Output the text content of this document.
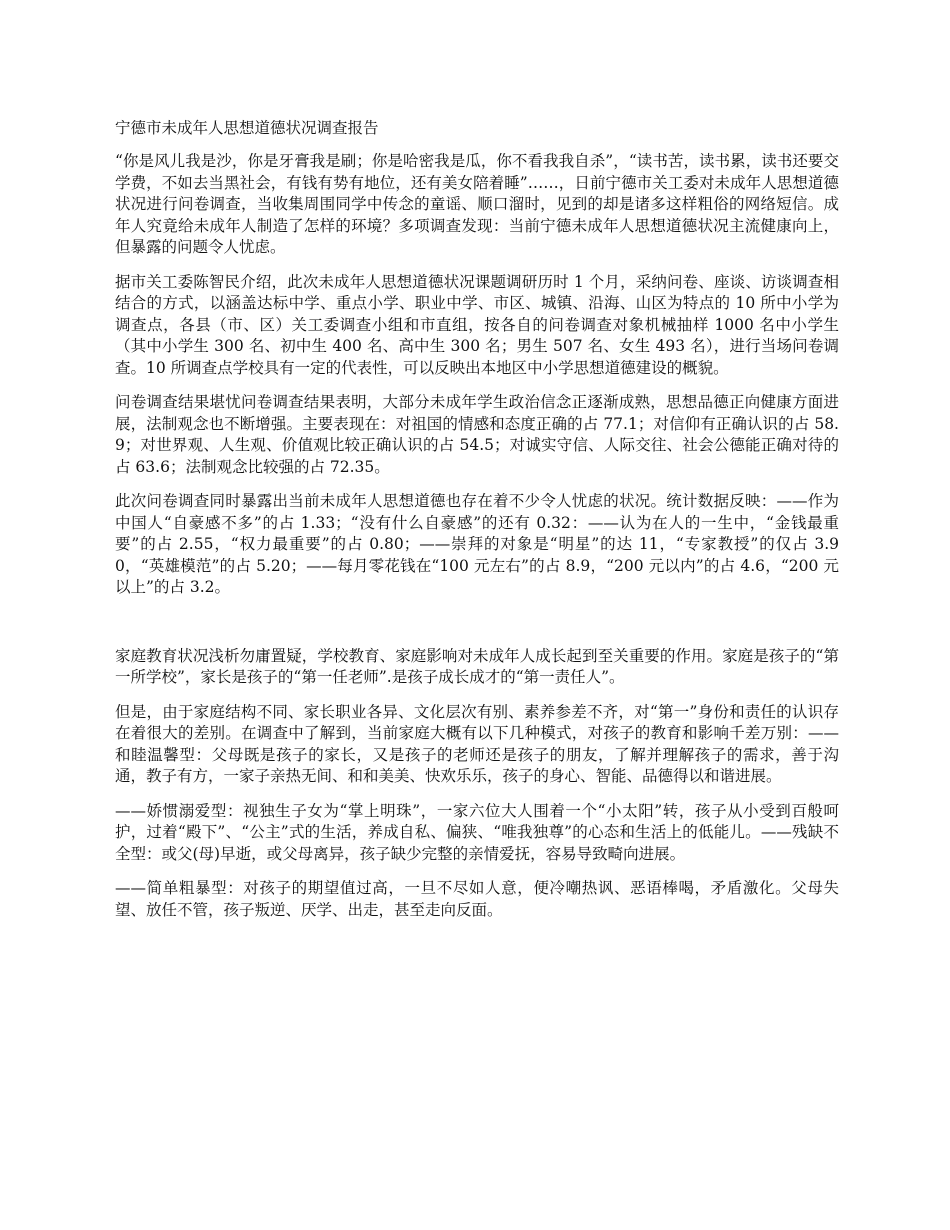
宁德市未成年人思想道德状况调查报告

“你是风儿我是沙，你是牙膏我是刷；你是哈密我是瓜，你不看我我自杀”，“读书苦，读书累，读书还要交学费，不如去当黑社会，有钱有势有地位，还有美女陪着睡”……，日前宁德市关工委对未成年人思想道德状况进行问卷调查，当收集周围同学中传念的童谣、顺口溜时，见到的却是诸多这样粗俗的网络短信。成年人究竟给未成年人制造了怎样的环境？多项调查发现：当前宁德未成年人思想道德状况主流健康向上，但暴露的问题令人忧虑。

据市关工委陈智民介绍，此次未成年人思想道德状况课题调研历时 1 个月，采纳问卷、座谈、访谈调查相结合的方式，以涵盖达标中学、重点小学、职业中学、市区、城镇、沿海、山区为特点的 10 所中小学为调查点，各县（市、区）关工委调查小组和市直组，按各自的问卷调查对象机械抽样 1000 名中小学生（其中小学生 300 名、初中生 400 名、高中生 300 名；男生 507 名、女生 493 名），进行当场问卷调查。10 所调查点学校具有一定的代表性，可以反映出本地区中小学思想道德建设的概貌。

问卷调查结果堪忧问卷调查结果表明，大部分未成年学生政治信念正逐渐成熟，思想品德正向健康方面进展，法制观念也不断增强。主要表现在：对祖国的情感和态度正确的占 77.1；对信仰有正确认识的占 58.9；对世界观、人生观、价值观比较正确认识的占 54.5；对诚实守信、人际交往、社会公德能正确对待的占 63.6；法制观念比较强的占 72.35。

此次问卷调查同时暴露出当前未成年人思想道德也存在着不少令人忧虑的状况。统计数据反映：——作为中国人“自豪感不多”的占 1.33；“没有什么自豪感”的还有 0.32：——认为在人的一生中，“金钱最重要”的占 2.55，“权力最重要”的占 0.80；——崇拜的对象是“明星”的达 11，“专家教授”的仅占 3.90，“英雄模范”的占 5.20；——每月零花钱在“100 元左右”的占 8.9，“200 元以内”的占 4.6，“200 元以上”的占 3.2。

家庭教育状况浅析勿庸置疑，学校教育、家庭影响对未成年人成长起到至关重要的作用。家庭是孩子的“第一所学校”，家长是孩子的“第一任老师”.是孩子成长成才的“第一责任人”。

但是，由于家庭结构不同、家长职业各异、文化层次有别、素养参差不齐，对“第一”身份和责任的认识存在着很大的差别。在调查中了解到，当前家庭大概有以下几种模式，对孩子的教育和影响千差万别：——和睦温馨型：父母既是孩子的家长，又是孩子的老师还是孩子的朋友，了解并理解孩子的需求，善于沟通，教子有方，一家子亲热无间、和和美美、快欢乐乐，孩子的身心、智能、品德得以和谐进展。

——娇惯溺爱型：视独生子女为“掌上明珠”，一家六位大人围着一个“小太阳”转，孩子从小受到百般呵护，过着“殿下”、“公主”式的生活，养成自私、偏狭、“唯我独尊”的心态和生活上的低能儿。——残缺不全型：或父(母)早逝，或父母离异，孩子缺少完整的亲情爱抚，容易导致畸向进展。

——简单粗暴型：对孩子的期望值过高，一旦不尽如人意，便冷嘲热讽、恶语棒喝，矛盾激化。父母失望、放任不管，孩子叛逆、厌学、出走，甚至走向反面。
